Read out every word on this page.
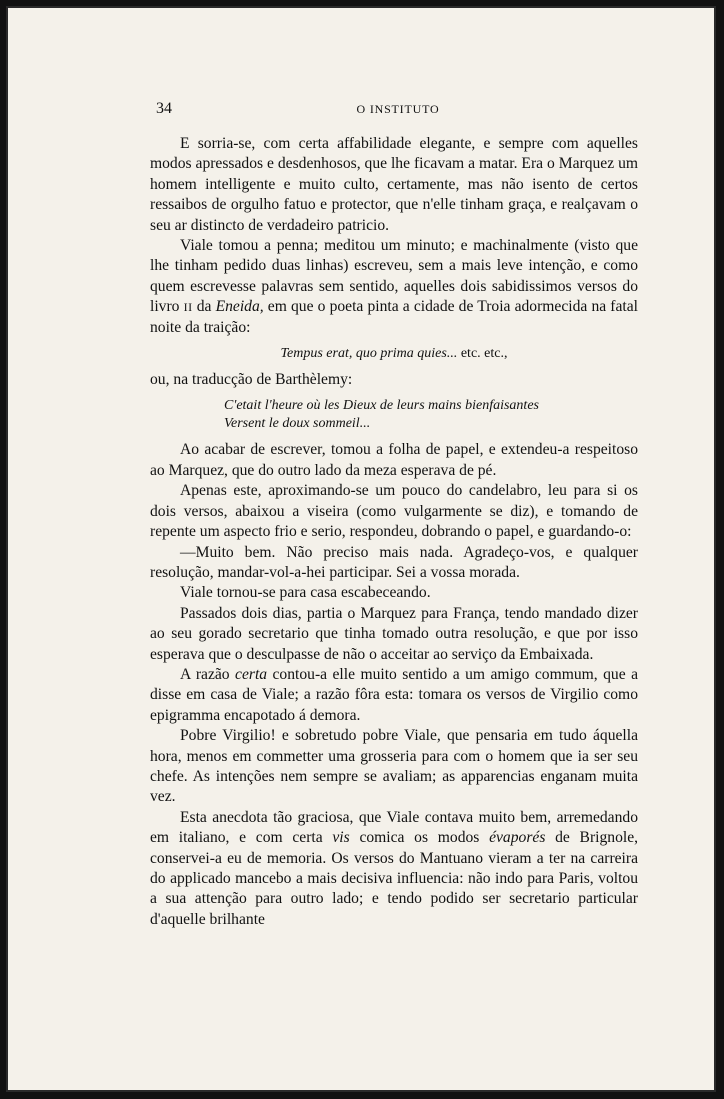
34	O INSTITUTO

E sorria-se, com certa affabilidade elegante, e sempre com aquelles modos apressados e desdenhosos, que lhe ficavam a matar. Era o Marquez um homem intelligente e muito culto, certamente, mas não isento de certos ressaibos de orgulho fatuo e protector, que n'elle tinham graça, e realçavam o seu ar distincto de verdadeiro patricio.

Viale tomou a penna; meditou um minuto; e machinalmente (visto que lhe tinham pedido duas linhas) escreveu, sem a mais leve intenção, e como quem escrevesse palavras sem sentido, aquelles dois sabidissimos versos do livro II da Eneida, em que o poeta pinta a cidade de Troia adormecida na fatal noite da traição:

Tempus erat, quo prima quies... etc. etc.,

ou, na traducção de Barthèlemy:

C'etait l'heure où les Dieux de leurs mains bienfaisantes
Versent le doux sommeil...

Ao acabar de escrever, tomou a folha de papel, e extendeu-a respeitoso ao Marquez, que do outro lado da meza esperava de pé.

Apenas este, aproximando-se um pouco do candelabro, leu para si os dois versos, abaixou a viseira (como vulgarmente se diz), e tomando de repente um aspecto frio e serio, respondeu, dobrando o papel, e guardando-o:

—Muito bem. Não preciso mais nada. Agradeço-vos, e qualquer resolução, mandar-vol-a-hei participar. Sei a vossa morada.

Viale tornou-se para casa escabeceando.

Passados dois dias, partia o Marquez para França, tendo mandado dizer ao seu gorado secretario que tinha tomado outra resolução, e que por isso esperava que o desculpasse de não o acceitar ao serviço da Embaixada.

A razão certa contou-a elle muito sentido a um amigo commum, que a disse em casa de Viale; a razão fôra esta: tomara os versos de Virgilio como epigramma encapotado á demora.

Pobre Virgilio! e sobretudo pobre Viale, que pensaria em tudo áquella hora, menos em commetter uma grosseria para com o homem que ia ser seu chefe. As intenções nem sempre se avaliam; as apparencias enganam muita vez.

Esta anecdota tão graciosa, que Viale contava muito bem, arremedando em italiano, e com certa vis comica os modos évaporés de Brignole, conservei-a eu de memoria. Os versos do Mantuano vieram a ter na carreira do applicado mancebo a mais decisiva influencia: não indo para Paris, voltou a sua attenção para outro lado; e tendo podido ser secretario particular d'aquelle brilhante
